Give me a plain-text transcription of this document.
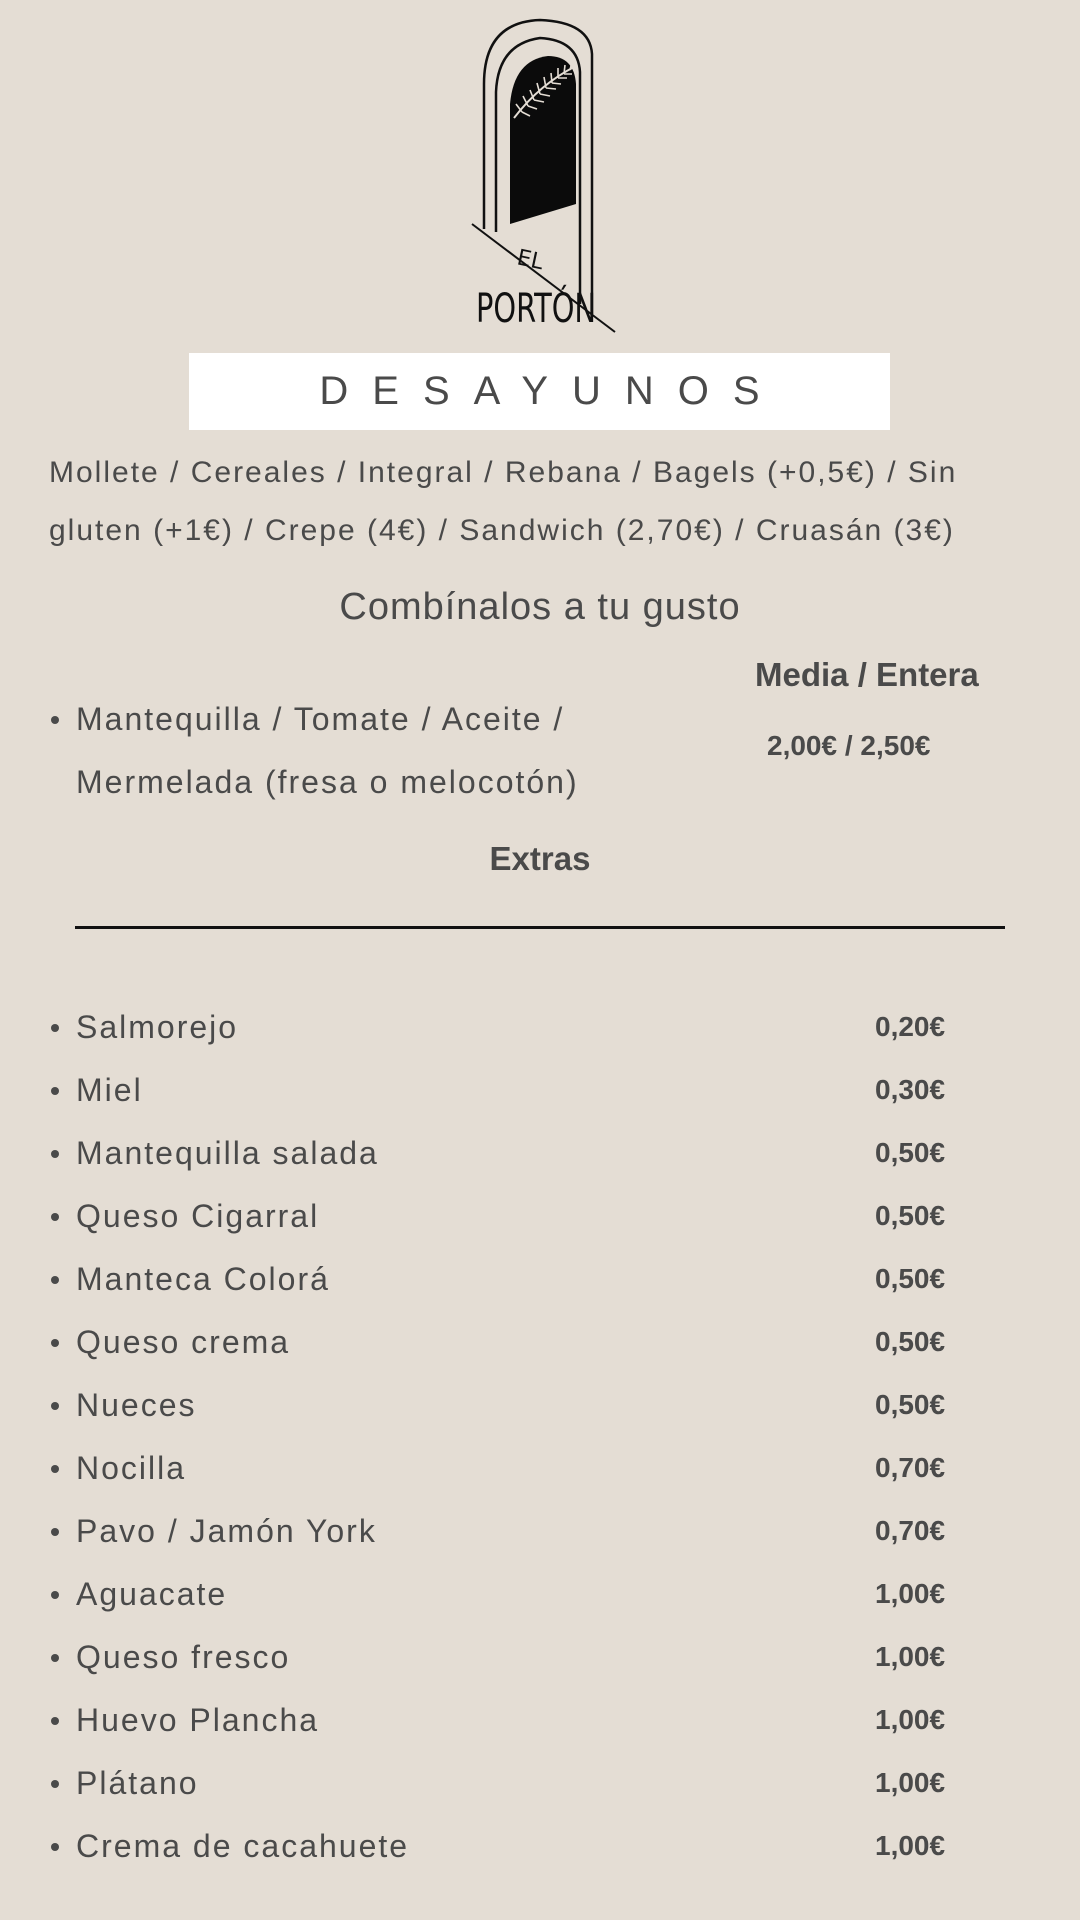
EL
PORTÓN
DESAYUNOS
Mollete / Cereales / Integral / Rebana / Bagels (+0,5€) / Sin gluten (+1€) / Crepe (4€) / Sandwich (2,70€) / Cruasán (3€)
Combínalos a tu gusto
Media / Entera
Mantequilla / Tomate / Aceite / Mermelada (fresa o melocotón)
2,00€ / 2,50€
Extras
Salmorejo	0,20€
Miel	0,30€
Mantequilla salada	0,50€
Queso Cigarral	0,50€
Manteca Colorá	0,50€
Queso crema	0,50€
Nueces	0,50€
Nocilla	0,70€
Pavo / Jamón York	0,70€
Aguacate	1,00€
Queso fresco	1,00€
Huevo Plancha	1,00€
Plátano	1,00€
Crema de cacahuete	1,00€
